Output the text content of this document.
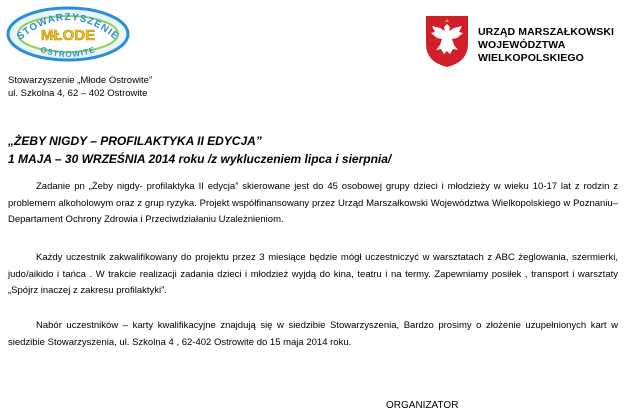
STOWARZYSZENIE
MŁODE
OSTROWITE
Stowarzyszenie „Młode Ostrowite”
ul. Szkolna 4, 62 – 402 Ostrowite
URZĄD MARSZAŁKOWSKI
WOJEWÓDZTWA WIELKOPOLSKIEGO
„ŻEBY NIGDY – PROFILAKTYKA II EDYCJA”
1 MAJA – 30 WRZEŚNIA 2014 roku /z wykluczeniem lipca i sierpnia/
Zadanie pn „Żeby nigdy- profilaktyka II edycja” skierowane jest do 45 osobowej grupy dzieci i młodzieży w wieku 10-17 lat z rodzin z problemem alkoholowym oraz z grup ryzyka. Projekt współfinansowany przez Urząd Marszałkowski Województwa Wielkopolskiego w Poznaniu– Departament Ochrony Zdrowia i Przeciwdziałaniu Uzależnieniom.
Każdy uczestnik zakwalifikowany do projektu przez 3 miesiące będzie mógł uczestniczyć w warsztatach z ABC żeglowania, szermierki, judo/aikido i tańca . W trakcie realizacji zadania dzieci i młodzież wyjdą do kina, teatru i na termy. Zapewniamy posiłek , transport i warsztaty „Spójrz inaczej z zakresu profilaktyki”.
Nabór uczestników – karty kwalifikacyjne znajdują się w siedzibie Stowarzyszenia, Bardzo prosimy o złożenie uzupełnionych kart w siedzibie Stowarzyszenia, ul. Szkolna 4 , 62-402 Ostrowite do 15 maja 2014 roku.
ORGANIZATOR
